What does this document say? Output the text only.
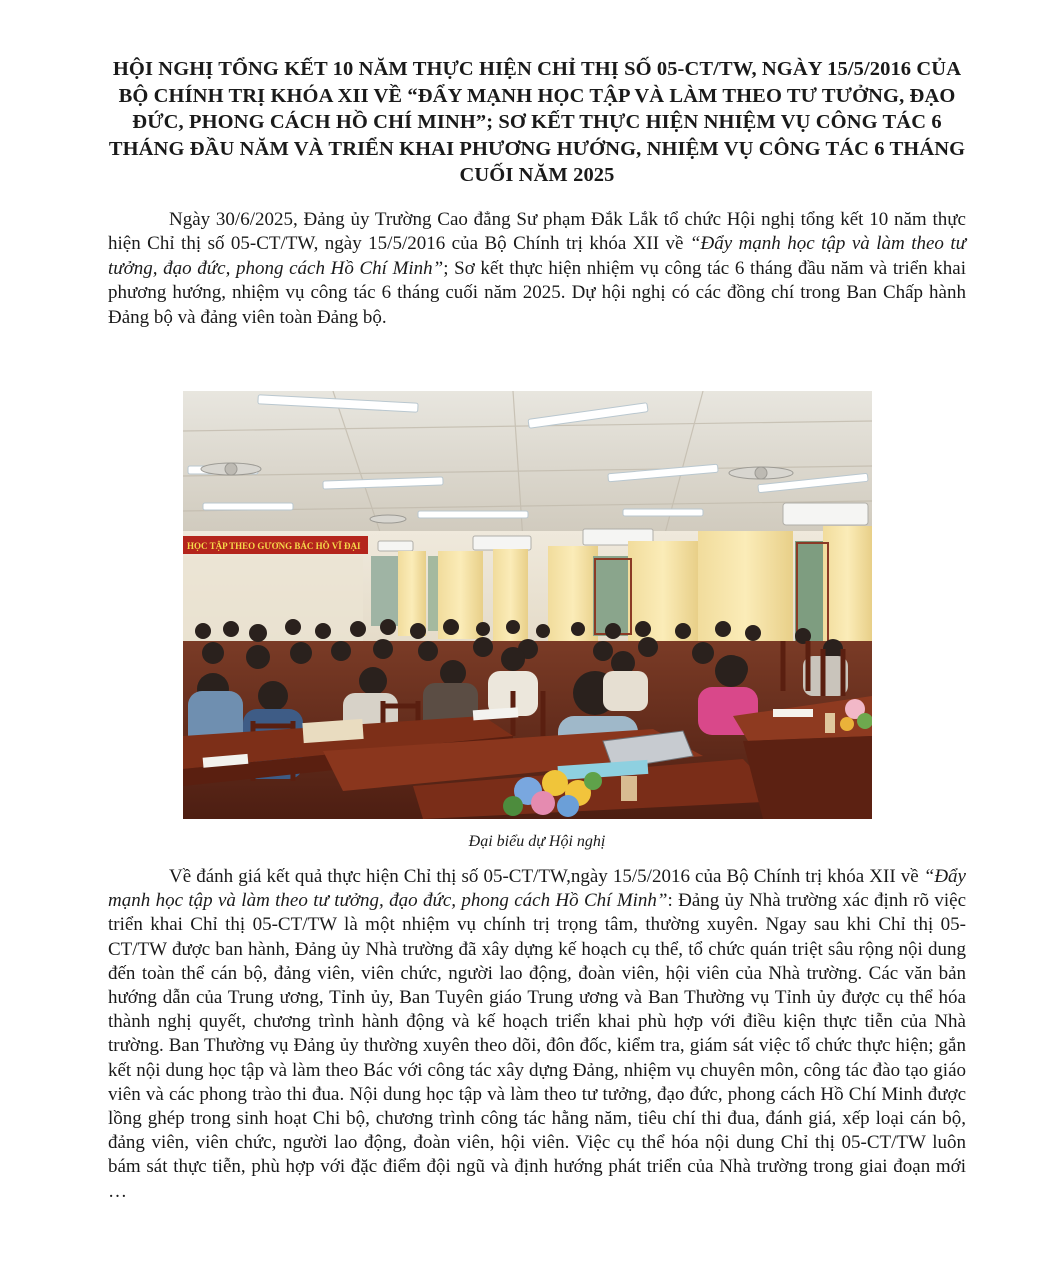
HỘI NGHỊ TỔNG KẾT 10 NĂM THỰC HIỆN CHỈ THỊ SỐ 05-CT/TW, NGÀY 15/5/2016 CỦA BỘ CHÍNH TRỊ KHÓA XII VỀ “ĐẨY MẠNH HỌC TẬP VÀ LÀM THEO TƯ TƯỞNG, ĐẠO ĐỨC, PHONG CÁCH HỒ CHÍ MINH”; SƠ KẾT THỰC HIỆN NHIỆM VỤ CÔNG TÁC 6 THÁNG ĐẦU NĂM VÀ TRIỂN KHAI PHƯƠNG HƯỚNG, NHIỆM VỤ CÔNG TÁC 6 THÁNG CUỐI NĂM 2025

Ngày 30/6/2025, Đảng ủy Trường Cao đẳng Sư phạm Đắk Lắk tổ chức Hội nghị tổng kết 10 năm thực hiện Chỉ thị số 05-CT/TW, ngày 15/5/2016 của Bộ Chính trị khóa XII về “Đẩy mạnh học tập và làm theo tư tưởng, đạo đức, phong cách Hồ Chí Minh”; Sơ kết thực hiện nhiệm vụ công tác 6 tháng đầu năm và triển khai phương hướng, nhiệm vụ công tác 6 tháng cuối năm 2025. Dự hội nghị có các đồng chí trong Ban Chấp hành Đảng bộ và đảng viên toàn Đảng bộ.

HỌC TẬP THEO GƯƠNG BÁC HỒ VĨ ĐẠI
Đại biểu dự Hội nghị

Về đánh giá kết quả thực hiện Chỉ thị số 05-CT/TW,ngày 15/5/2016 của Bộ Chính trị khóa XII về “Đẩy mạnh học tập và làm theo tư tưởng, đạo đức, phong cách Hồ Chí Minh”: Đảng ủy Nhà trường xác định rõ việc triển khai Chỉ thị 05-CT/TW là một nhiệm vụ chính trị trọng tâm, thường xuyên. Ngay sau khi Chỉ thị 05-CT/TW được ban hành, Đảng ủy Nhà trường đã xây dựng kế hoạch cụ thể, tổ chức quán triệt sâu rộng nội dung đến toàn thể cán bộ, đảng viên, viên chức, người lao động, đoàn viên, hội viên của Nhà trường. Các văn bản hướng dẫn của Trung ương, Tỉnh ủy, Ban Tuyên giáo Trung ương và Ban Thường vụ Tỉnh ủy được cụ thể hóa thành nghị quyết, chương trình hành động và kế hoạch triển khai phù hợp với điều kiện thực tiễn của Nhà trường. Ban Thường vụ Đảng ủy thường xuyên theo dõi, đôn đốc, kiểm tra, giám sát việc tổ chức thực hiện; gắn kết nội dung học tập và làm theo Bác với công tác xây dựng Đảng, nhiệm vụ chuyên môn, công tác đào tạo giáo viên và các phong trào thi đua. Nội dung học tập và làm theo tư tưởng, đạo đức, phong cách Hồ Chí Minh được lồng ghép trong sinh hoạt Chi bộ, chương trình công tác hằng năm, tiêu chí thi đua, đánh giá, xếp loại cán bộ, đảng viên, viên chức, người lao động, đoàn viên, hội viên. Việc cụ thể hóa nội dung Chỉ thị 05-CT/TW luôn bám sát thực tiễn, phù hợp với đặc điểm đội ngũ và định hướng phát triển của Nhà trường trong giai đoạn mới …
